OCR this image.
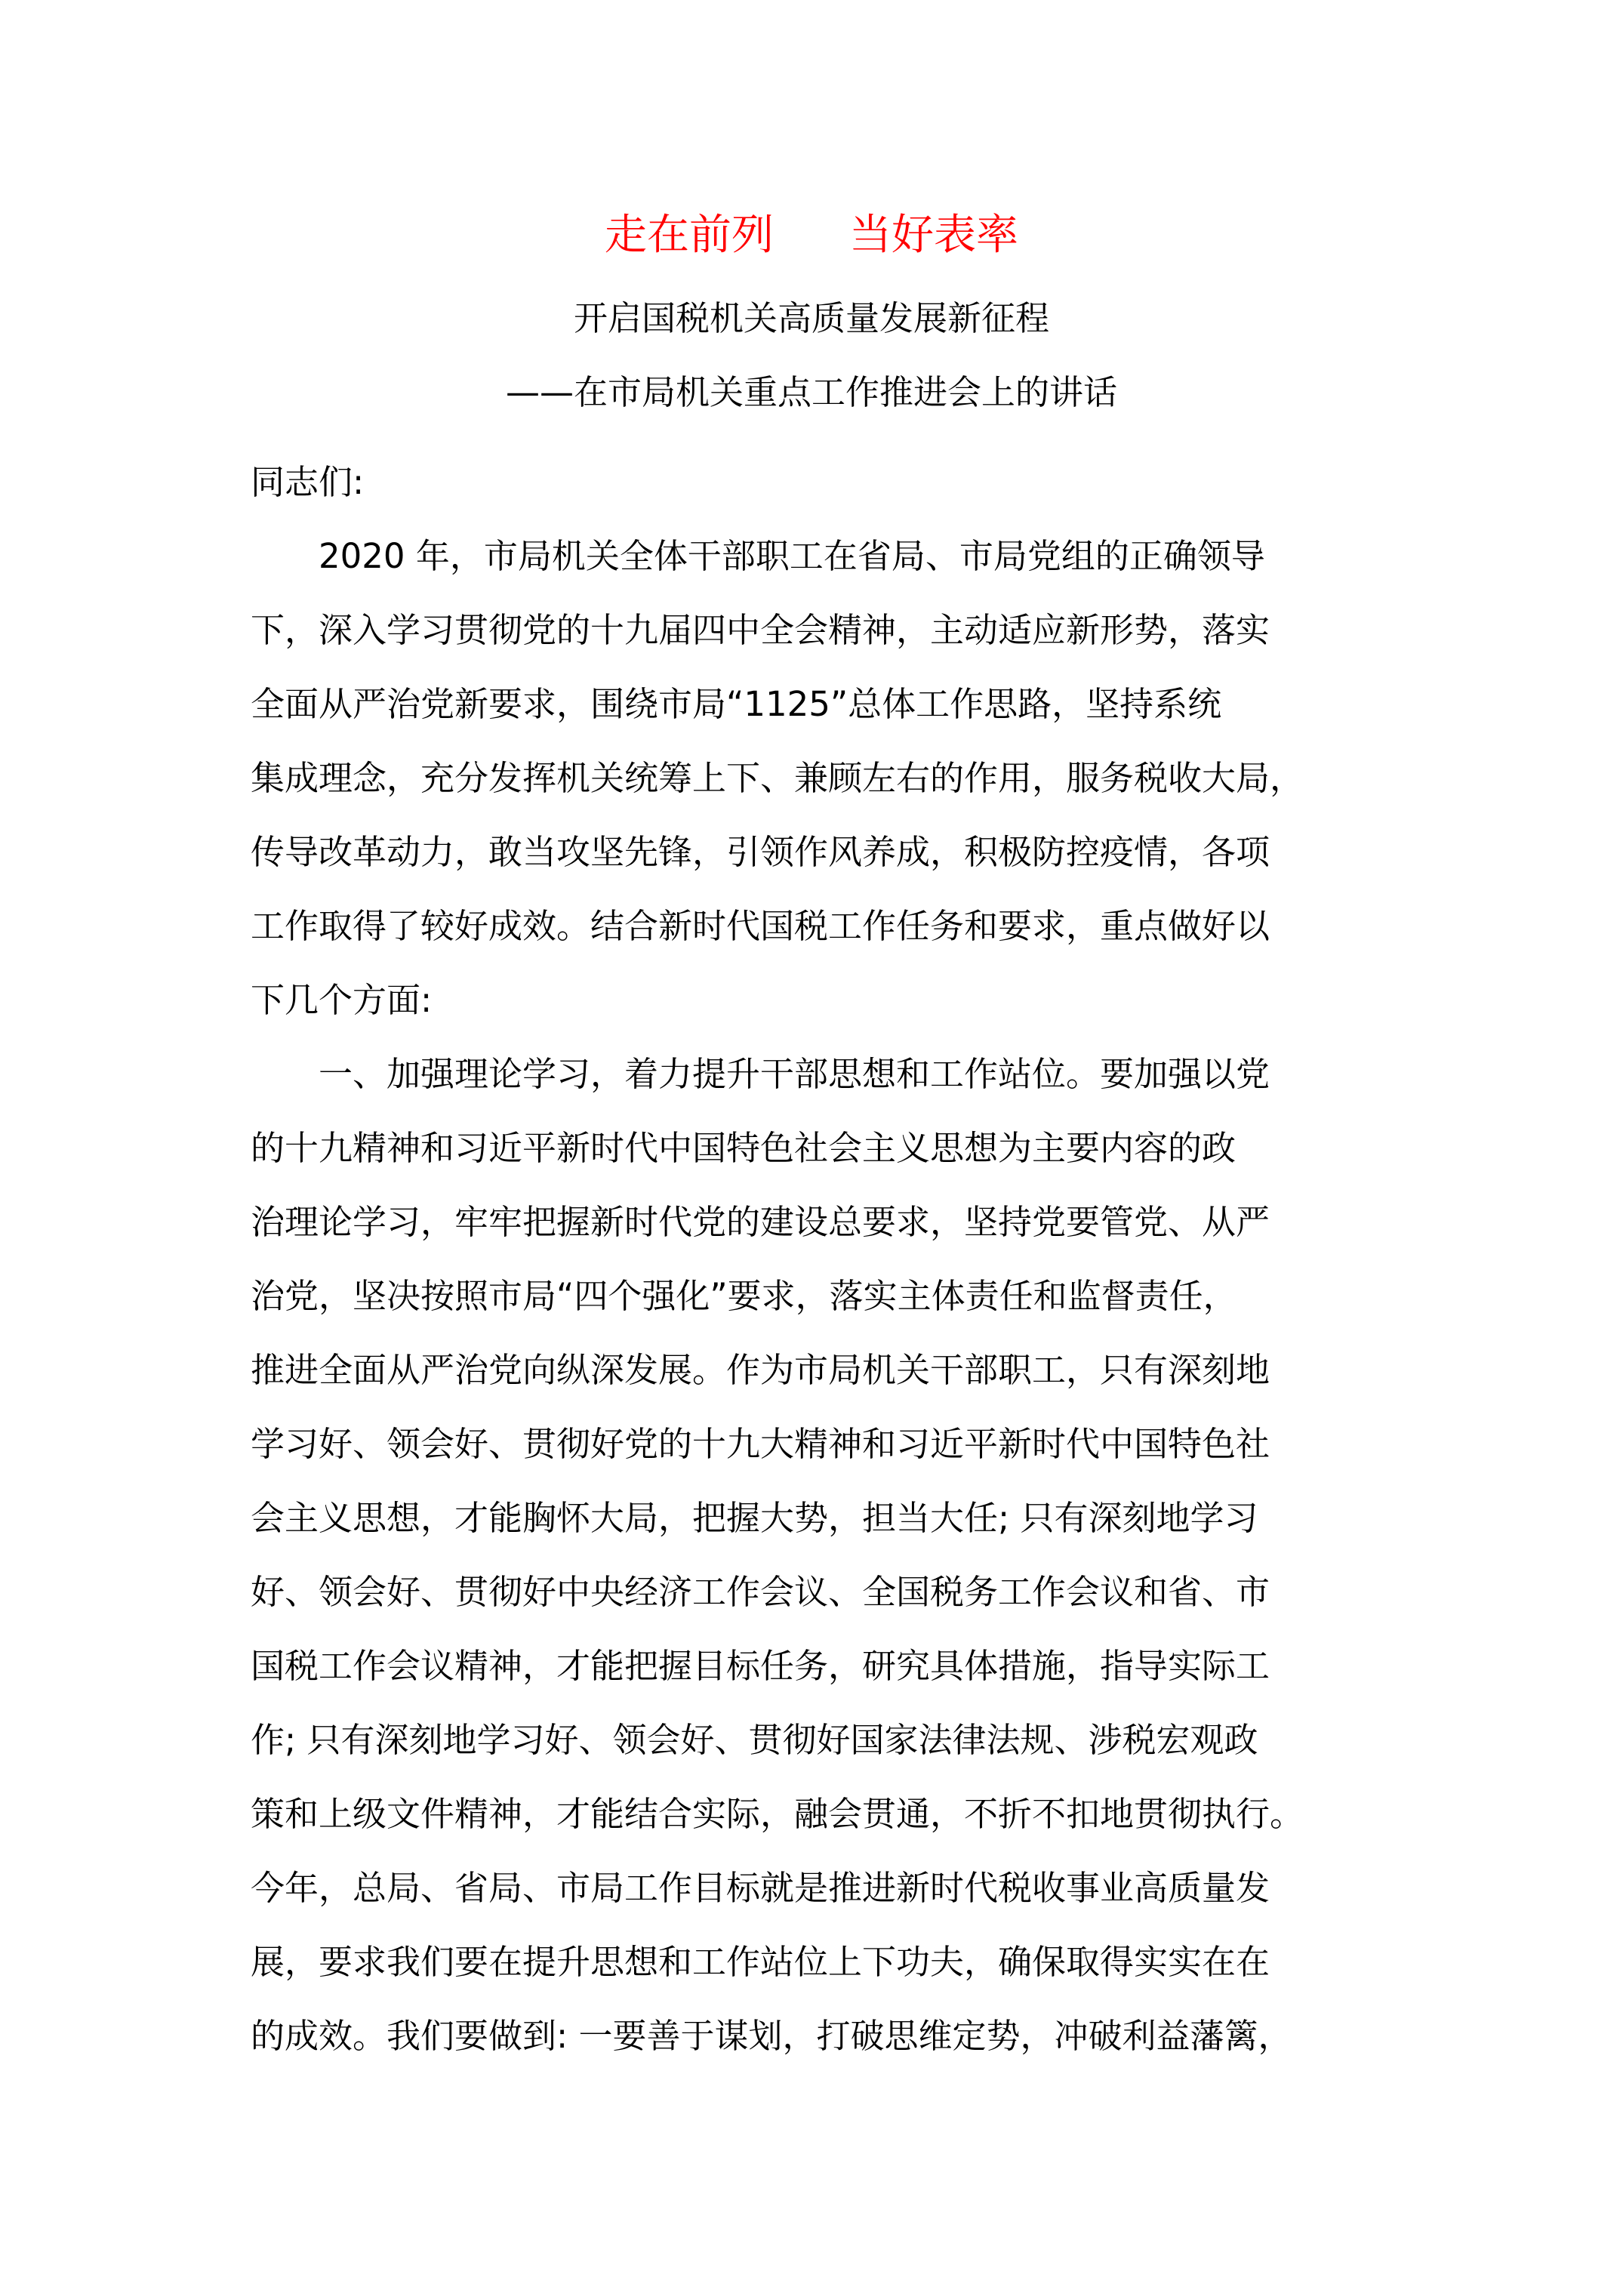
走在前列 当好表率
开启国税机关高质量发展新征程
——在市局机关重点工作推进会上的讲话
同志们:
2020 年，市局机关全体干部职工在省局、市局党组的正确领导
下，深入学习贯彻党的十九届四中全会精神，主动适应新形势，落实
全面从严治党新要求，围绕市局“1125”总体工作思路，坚持系统
集成理念，充分发挥机关统筹上下、兼顾左右的作用，服务税收大局，
传导改革动力，敢当攻坚先锋，引领作风养成，积极防控疫情，各项
工作取得了较好成效。结合新时代国税工作任务和要求，重点做好以
下几个方面:
一、加强理论学习，着力提升干部思想和工作站位。要加强以党
的十九精神和习近平新时代中国特色社会主义思想为主要内容的政
治理论学习，牢牢把握新时代党的建设总要求，坚持党要管党、从严
治党，坚决按照市局“四个强化”要求，落实主体责任和监督责任，
推进全面从严治党向纵深发展。作为市局机关干部职工，只有深刻地
学习好、领会好、贯彻好党的十九大精神和习近平新时代中国特色社
会主义思想，才能胸怀大局，把握大势，担当大任; 只有深刻地学习
好、领会好、贯彻好中央经济工作会议、全国税务工作会议和省、市
国税工作会议精神，才能把握目标任务，研究具体措施，指导实际工
作; 只有深刻地学习好、领会好、贯彻好国家法律法规、涉税宏观政
策和上级文件精神，才能结合实际，融会贯通，不折不扣地贯彻执行。
今年，总局、省局、市局工作目标就是推进新时代税收事业高质量发
展，要求我们要在提升思想和工作站位上下功夫，确保取得实实在在
的成效。我们要做到: 一要善于谋划，打破思维定势，冲破利益藩篱，
